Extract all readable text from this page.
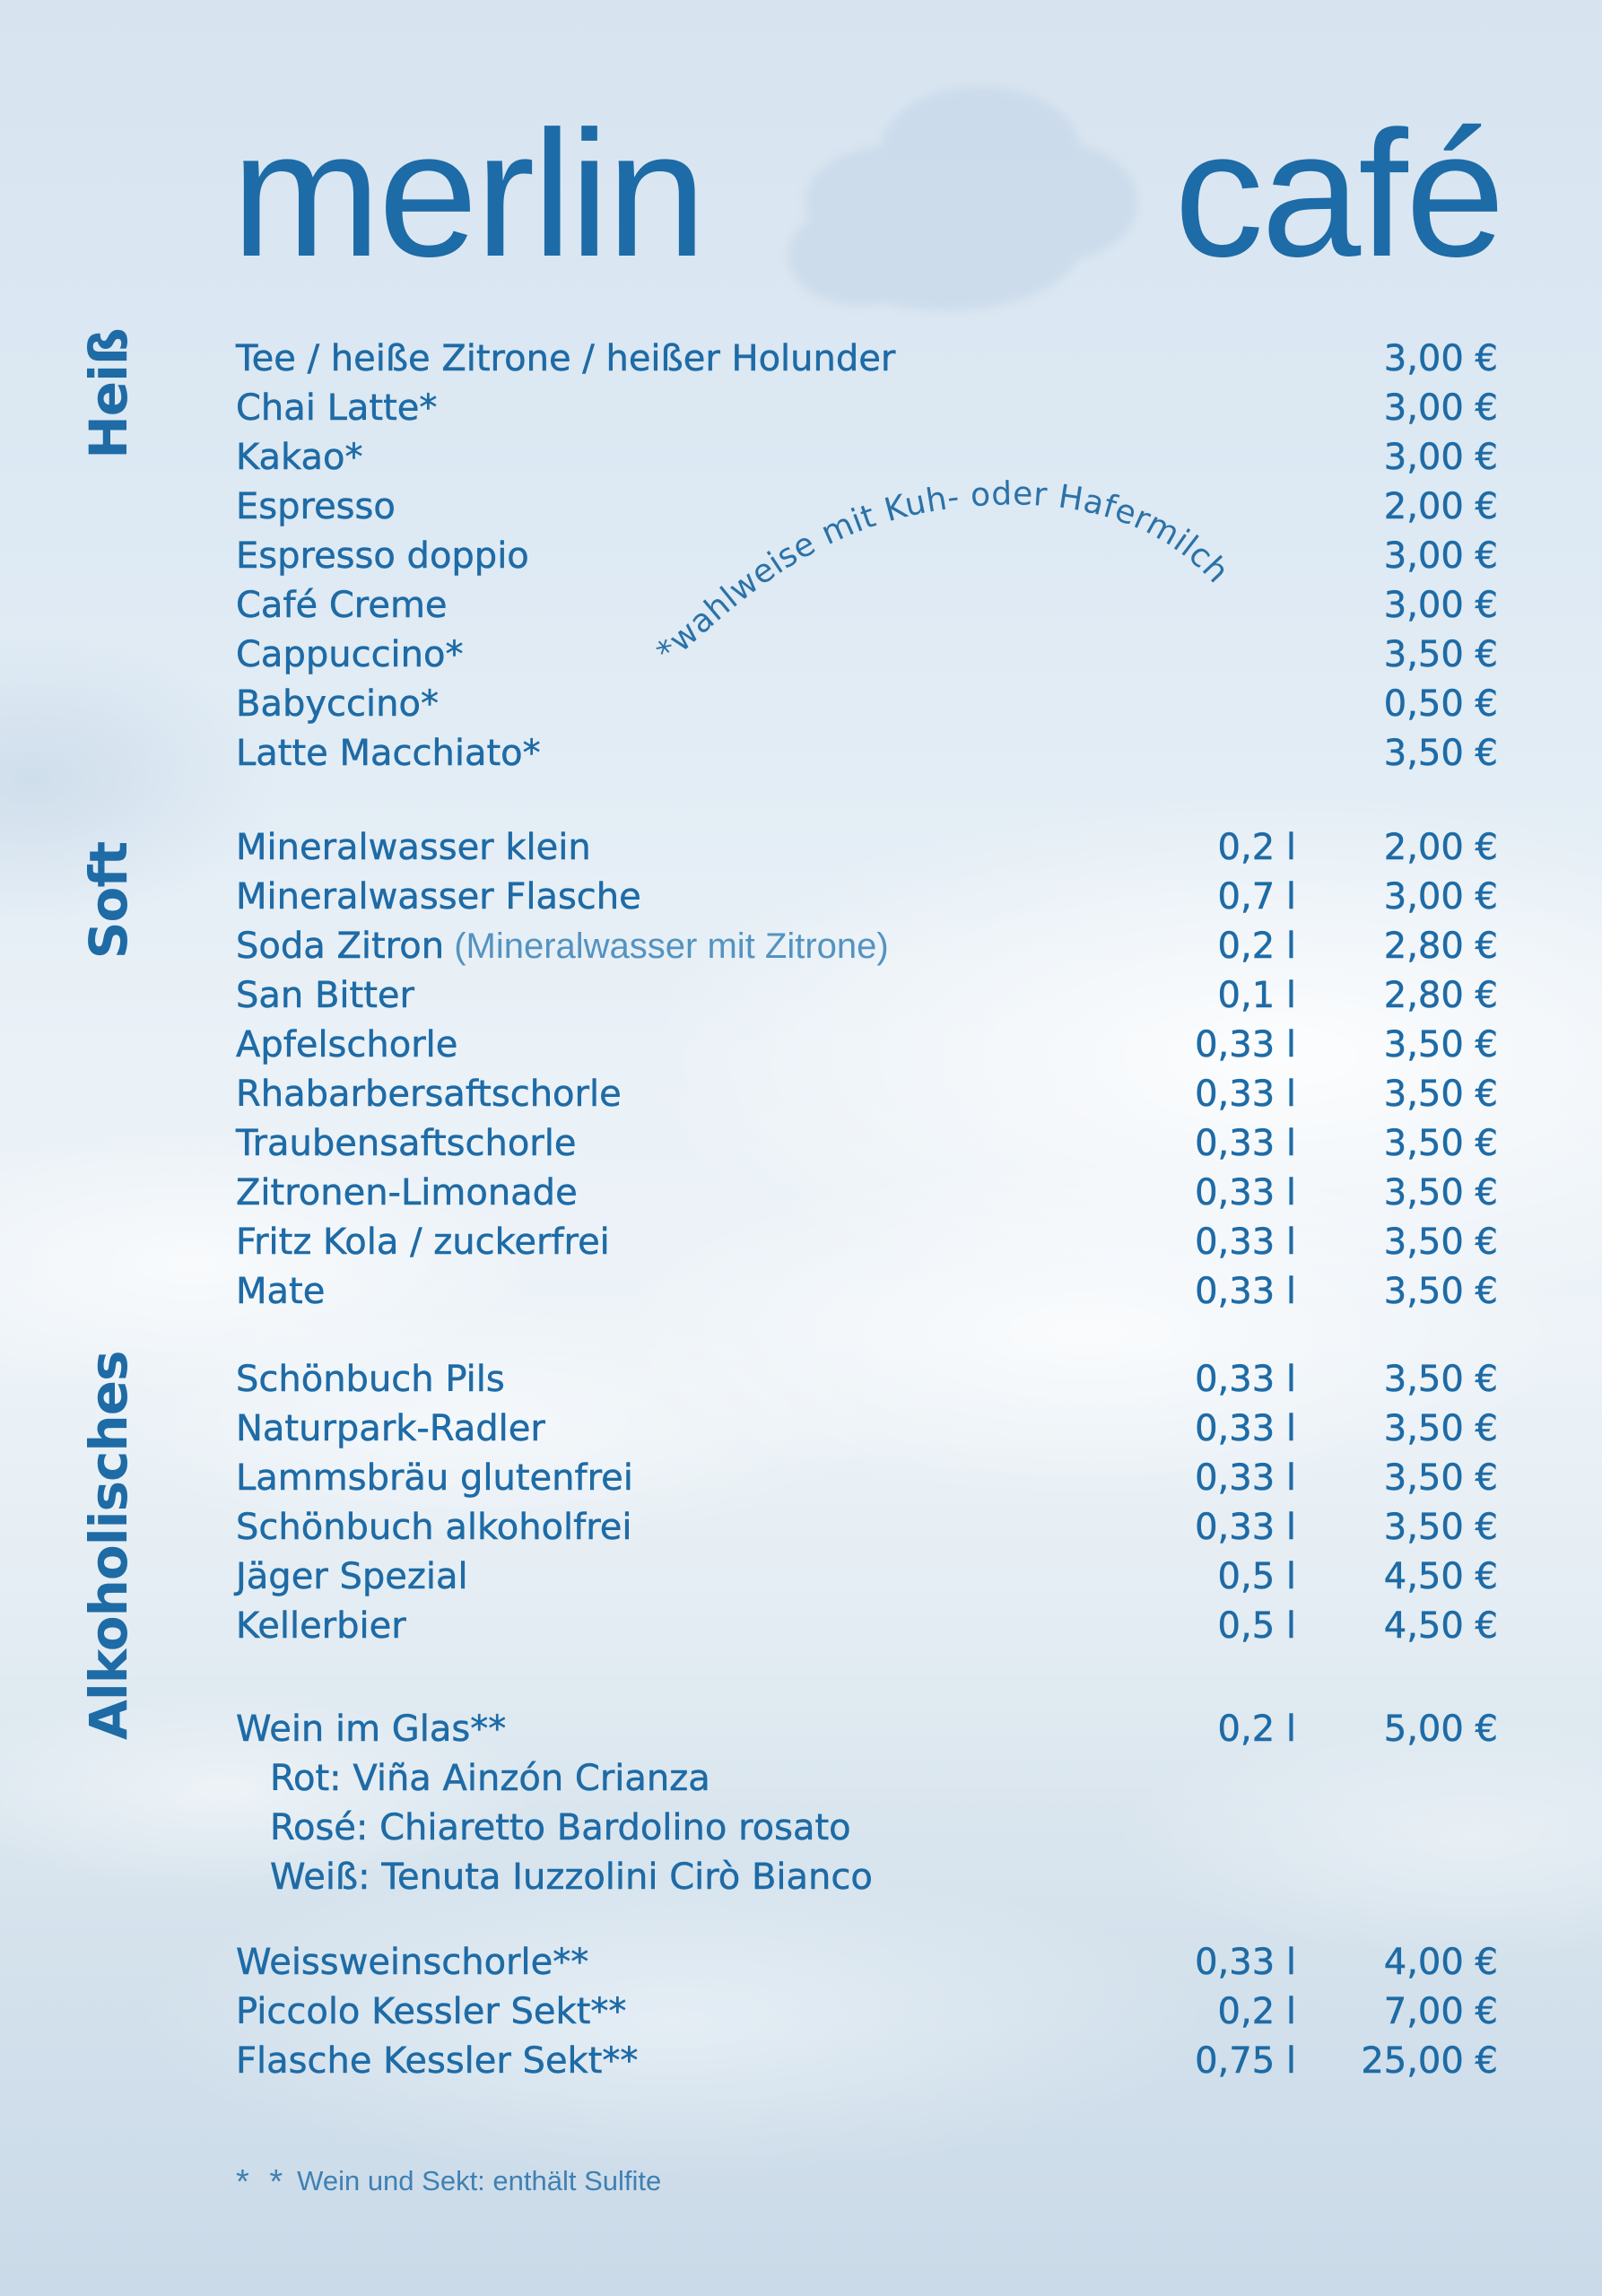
merlin	café
Heiß
Soft
Alkoholisches
Tee / heiße Zitrone / heißer Holunder	3,00 €
Chai Latte*	3,00 €
Kakao*	3,00 €
Espresso	2,00 €
Espresso doppio	3,00 €
Café Creme	3,00 €
Cappuccino*	3,50 €
Babyccino*	0,50 €
Latte Macchiato*	3,50 €
Mineralwasser klein	0,2 l	2,00 €
Mineralwasser Flasche	0,7 l	3,00 €
Soda Zitron (Mineralwasser mit Zitrone)	0,2 l	2,80 €
San Bitter	0,1 l	2,80 €
Apfelschorle	0,33 l	3,50 €
Rhabarbersaftschorle	0,33 l	3,50 €
Traubensaftschorle	0,33 l	3,50 €
Zitronen-Limonade	0,33 l	3,50 €
Fritz Kola / zuckerfrei	0,33 l	3,50 €
Mate	0,33 l	3,50 €
Schönbuch Pils	0,33 l	3,50 €
Naturpark-Radler	0,33 l	3,50 €
Lammsbräu glutenfrei	0,33 l	3,50 €
Schönbuch alkoholfrei	0,33 l	3,50 €
Jäger Spezial	0,5 l	4,50 €
Kellerbier	0,5 l	4,50 €
Wein im Glas**	0,2 l	5,00 €
Rot: Viña Ainzón Crianza
Rosé: Chiaretto Bardolino rosato
Weiß: Tenuta Iuzzolini Cirò Bianco
Weissweinschorle**	0,33 l	4,00 €
Piccolo Kessler Sekt**	0,2 l	7,00 €
Flasche Kessler Sekt**	0,75 l	25,00 €
*wahlweise mit Kuh- oder Hafermilch
* * Wein und Sekt: enthält Sulfite
